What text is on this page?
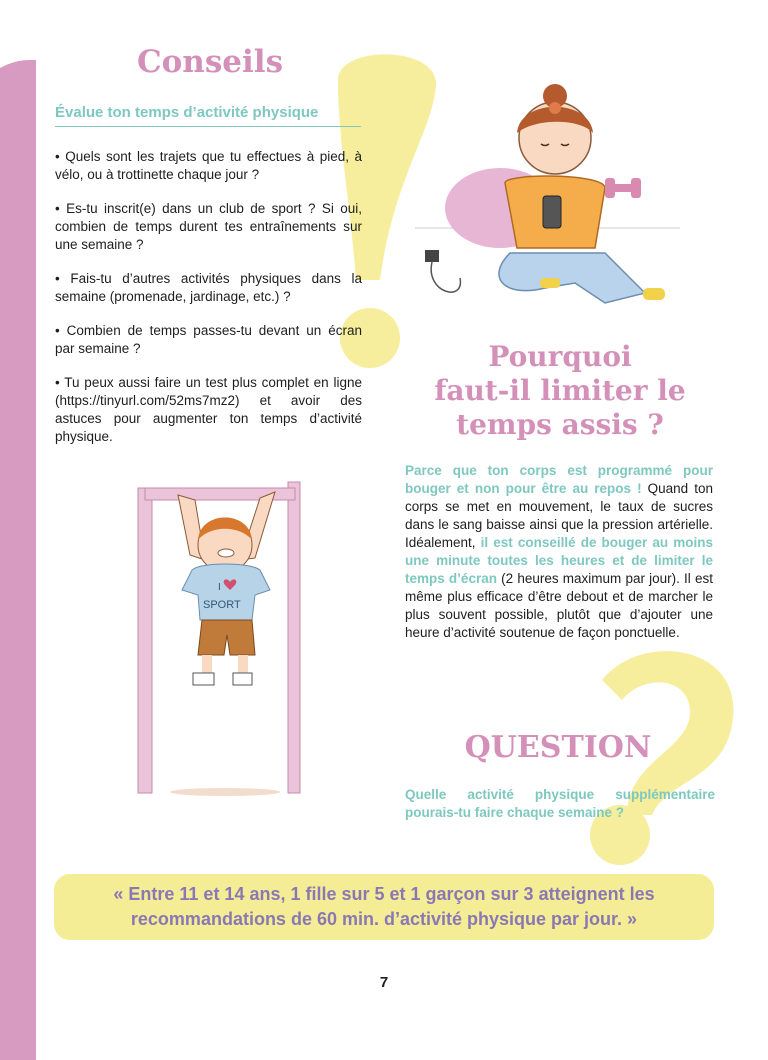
Conseils
Évalue ton temps d’activité physique

• Quels sont les trajets que tu effectues à pied, à vélo, ou à trottinette chaque jour ?

• Es-tu inscrit(e) dans un club de sport ? Si oui, combien de temps durent tes entraînements sur une semaine ?

• Fais-tu d’autres activités physiques dans la semaine (promenade, jardinage, etc.) ?

• Combien de temps passes-tu devant un écran par semaine ?

• Tu peux aussi faire un test plus complet en ligne (https://tinyurl.com/52ms7mz2) et avoir des astuces pour augmenter ton temps d’activité physique.

Pourquoi
faut-il limiter le
temps assis ?
Parce que ton corps est programmé pour bouger et non pour être au repos ! Quand ton corps se met en mouvement, le taux de sucres dans le sang baisse ainsi que la pression artérielle. Idéalement, il est conseillé de bouger au moins une minute toutes les heures et de limiter le temps d’écran (2 heures maximum par jour). Il est même plus efficace d’être debout et de marcher le plus souvent possible, plutôt que d’ajouter une heure d’activité soutenue de façon ponctuelle.
I
SPORT
QUESTION
Quelle activité physique supplémentaire pourais-tu faire chaque semaine ?
« Entre 11 et 14 ans, 1 fille sur 5 et 1 garçon sur 3 atteignent les
recommandations de 60 min. d’activité physique par jour. »
7
